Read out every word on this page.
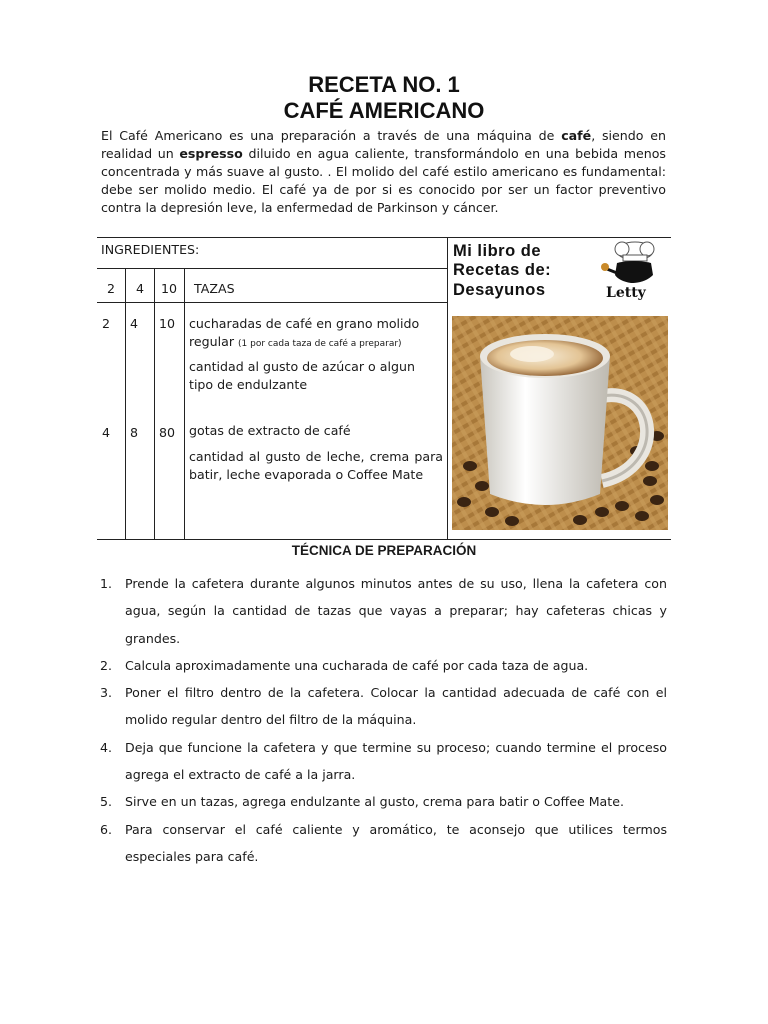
RECETA NO. 1
CAFÉ AMERICANO
El Café Americano es una preparación a través de una máquina de café, siendo en realidad un espresso diluido en agua caliente, transformándolo en una bebida menos concentrada y más suave al gusto. . El molido del café estilo americano es fundamental: debe ser molido medio. El café ya de por si es conocido por ser un factor preventivo contra la depresión leve, la enfermedad de Parkinson y cáncer.
INGREDIENTES:
2 4 10 TAZAS
2 4 10 cucharadas de café en grano molido regular (1 por cada taza de café a preparar)
cantidad al gusto de azúcar o algun tipo de endulzante
4 8 80 gotas de extracto de café
cantidad al gusto de leche, crema para batir, leche evaporada o Coffee Mate
Mi libro de
Recetas de:
Desayunos	Letty
TÉCNICA DE PREPARACIÓN
1. Prende la cafetera durante algunos minutos antes de su uso, llena la cafetera con agua, según la cantidad de tazas que vayas a preparar; hay cafeteras chicas y grandes.
2. Calcula aproximadamente una cucharada de café por cada taza de agua.
3. Poner el filtro dentro de la cafetera. Colocar la cantidad adecuada de café con el molido regular dentro del filtro de la máquina.
4. Deja que funcione la cafetera y que termine su proceso; cuando termine el proceso agrega el extracto de café a la jarra.
5. Sirve en un tazas, agrega endulzante al gusto, crema para batir o Coffee Mate.
6. Para conservar el café caliente y aromático, te aconsejo que utilices termos especiales para café.
